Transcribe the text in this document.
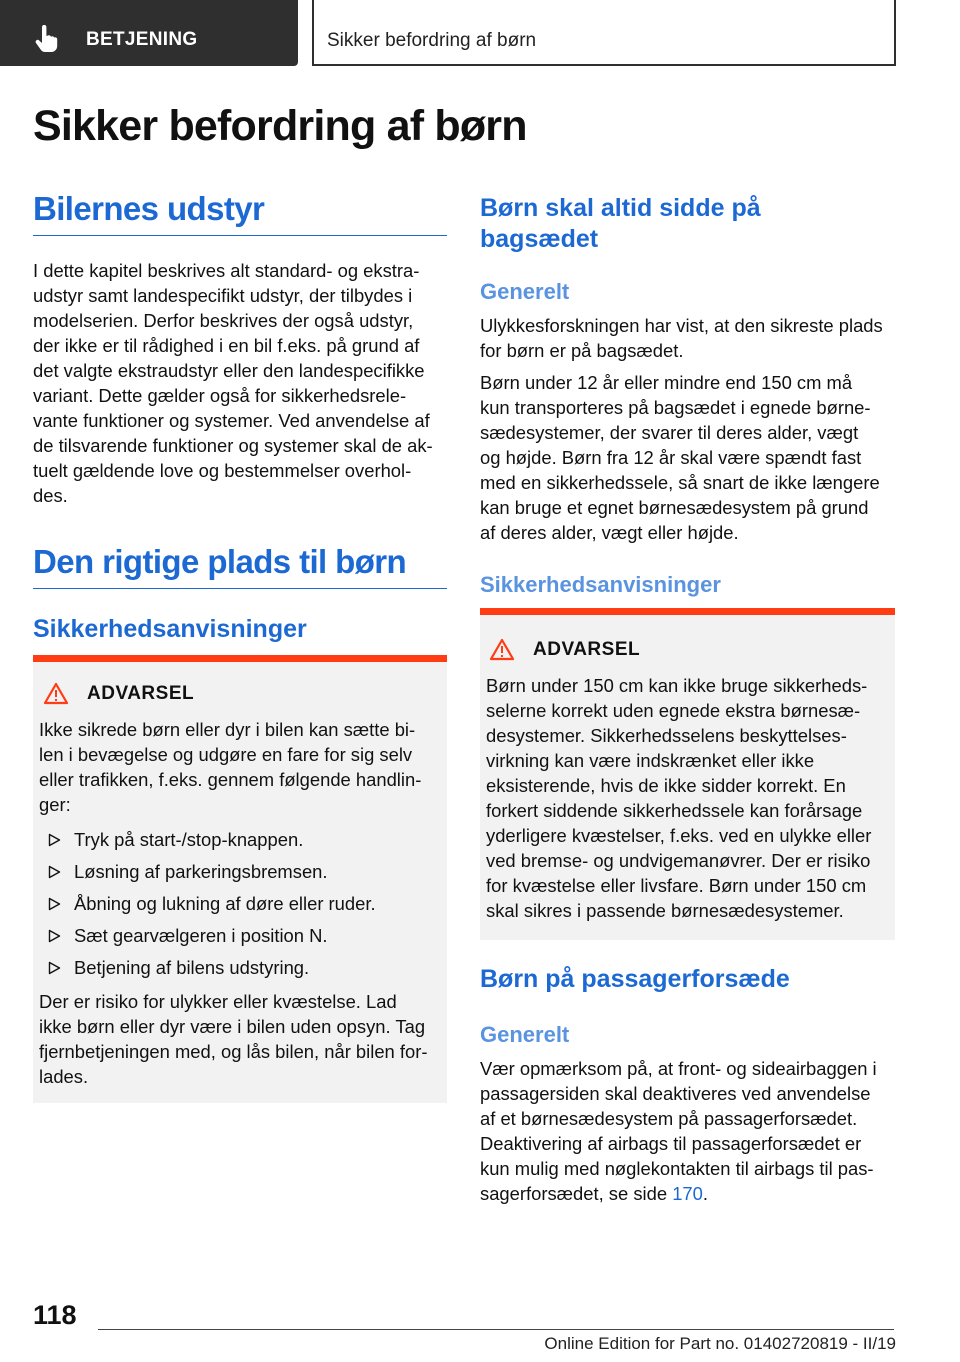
BETJENING	Sikker befordring af børn
Sikker befordring af børn
Bilernes udstyr

I dette kapitel beskrives alt standard- og ekstra-
udstyr samt landespecifikt udstyr, der tilbydes i
modelserien. Derfor beskrives der også udstyr,
der ikke er til rådighed i en bil f.eks. på grund af
det valgte ekstraudstyr eller den landespecifikke
variant. Dette gælder også for sikkerhedsrele-
vante funktioner og systemer. Ved anvendelse af
de tilsvarende funktioner og systemer skal de ak-
tuelt gældende love og bestemmelser overhol-
des.

Den rigtige plads til børn
Sikkerhedsanvisninger
ADVARSEL

Ikke sikrede børn eller dyr i bilen kan sætte bi-
len i bevægelse og udgøre en fare for sig selv
eller trafikken, f.eks. gennem følgende handlin-
ger:

Tryk på start-/stop-knappen.
Løsning af parkeringsbremsen.
Åbning og lukning af døre eller ruder.
Sæt gearvælgeren i position N.
Betjening af bilens udstyring.

Der er risiko for ulykker eller kvæstelse. Lad
ikke børn eller dyr være i bilen uden opsyn. Tag
fjernbetjeningen med, og lås bilen, når bilen for-
lades.

Børn skal altid sidde på
bagsædet
Generelt

Ulykkesforskningen har vist, at den sikreste plads
for børn er på bagsædet.

Børn under 12 år eller mindre end 150 cm må
kun transporteres på bagsædet i egnede børne-
sædesystemer, der svarer til deres alder, vægt
og højde. Børn fra 12 år skal være spændt fast
med en sikkerhedssele, så snart de ikke længere
kan bruge et egnet børnesædesystem på grund
af deres alder, vægt eller højde.

Sikkerhedsanvisninger
ADVARSEL

Børn under 150 cm kan ikke bruge sikkerheds-
selerne korrekt uden egnede ekstra børnesæ-
desystemer. Sikkerhedsselens beskyttelses-
virkning kan være indskrænket eller ikke
eksisterende, hvis de ikke sidder korrekt. En
forkert siddende sikkerhedssele kan forårsage
yderligere kvæstelser, f.eks. ved en ulykke eller
ved bremse- og undvigemanøvrer. Der er risiko
for kvæstelse eller livsfare. Børn under 150 cm
skal sikres i passende børnesædesystemer.

Børn på passagerforsæde
Generelt

Vær opmærksom på, at front- og sideairbaggen i
passagersiden skal deaktiveres ved anvendelse
af et børnesædesystem på passagerforsædet.
Deaktivering af airbags til passagerforsædet er
kun mulig med nøglekontakten til airbags til pas-
sagerforsædet, se side 170.

118
Online Edition for Part no. 01402720819 - II/19
